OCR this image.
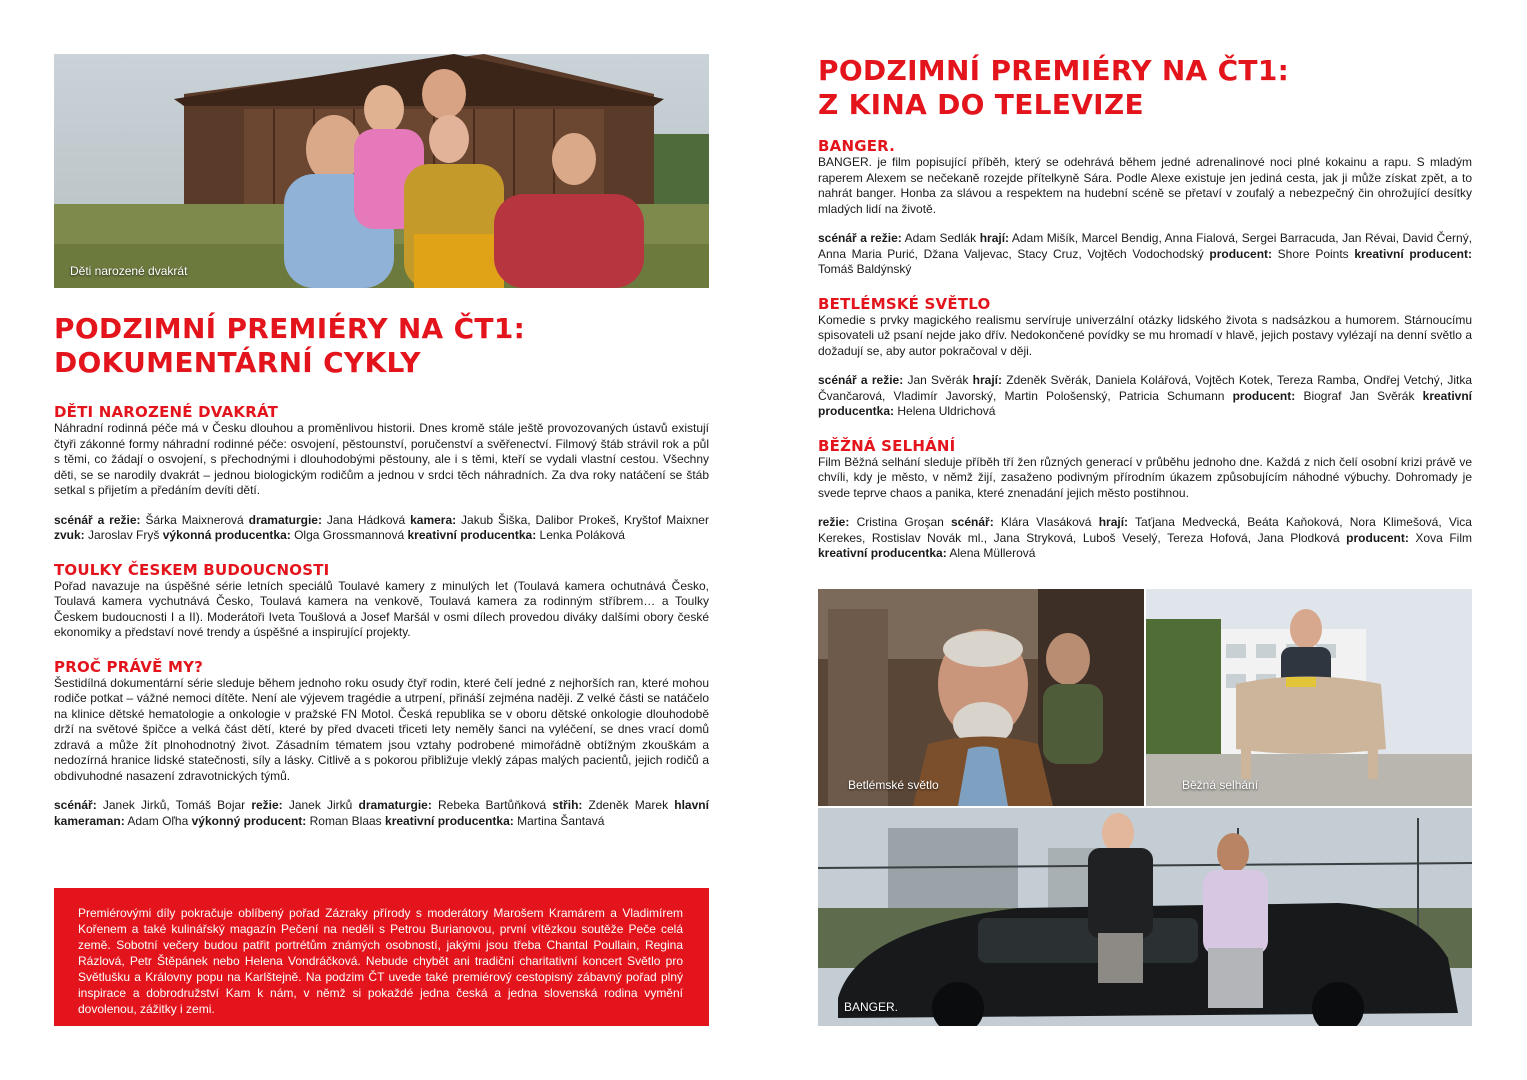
Děti narozené dvakrát
PODZIMNÍ PREMIÉRY NA ČT1:
DOKUMENTÁRNÍ CYKLY
DĚTI NAROZENÉ DVAKRÁT

Náhradní rodinná péče má v Česku dlouhou a proměnlivou historii. Dnes kromě stále ještě provozovaných ústavů existují čtyři zákonné formy náhradní rodinné péče: osvojení, pěstounství, poručenství a svěřenectví. Filmový štáb strávil rok a půl s těmi, co žádají o osvojení, s přechodnými i dlouhodobými pěstouny, ale i s těmi, kteří se vydali vlastní cestou. Všechny děti, se se narodily dvakrát – jednou biologickým rodičům a jednou v srdci těch náhradních. Za dva roky natáčení se štáb setkal s přijetím a předáním devíti dětí.

scénář a režie: Šárka Maixnerová dramaturgie: Jana Hádková kamera: Jakub Šiška, Dalibor Prokeš, Kryštof Maixner zvuk: Jaroslav Fryš výkonná producentka: Olga Grossmannová kreativní producentka: Lenka Poláková

TOULKY ČESKEM BUDOUCNOSTI

Pořad navazuje na úspěšné série letních speciálů Toulavé kamery z minulých let (Toulavá kamera ochutnává Česko, Toulavá kamera vychutnává Česko, Toulavá kamera na venkově, Toulavá kamera za rodinným stříbrem… a Toulky Českem budoucnosti I a II). Moderátoři Iveta Toušlová a Josef Maršál v osmi dílech provedou diváky dalšími obory české ekonomiky a představí nové trendy a úspěšné a inspirující projekty.

PROČ PRÁVĚ MY?

Šestidílná dokumentární série sleduje během jednoho roku osudy čtyř rodin, které čelí jedné z nejhorších ran, které mohou rodiče potkat – vážné nemoci dítěte. Není ale výjevem tragédie a utrpení, přináší zejména naději. Z velké části se natáčelo na klinice dětské hematologie a onkologie v pražské FN Motol. Česká republika se v oboru dětské onkologie dlouhodobě drží na světové špičce a velká část dětí, které by před dvaceti třiceti lety neměly šanci na vyléčení, se dnes vrací domů zdravá a může žít plnohodnotný život. Zásadním tématem jsou vztahy podrobené mimořádně obtížným zkouškám a nedozírná hranice lidské statečnosti, síly a lásky. Citlivě a s pokorou přibližuje vleklý zápas malých pacientů, jejich rodičů a obdivuhodné nasazení zdravotnických týmů.

scénář: Janek Jirků, Tomáš Bojar režie: Janek Jirků dramaturgie: Rebeka Bartůňková střih: Zdeněk Marek hlavní kameraman: Adam Oľha výkonný producent: Roman Blaas kreativní producentka: Martina Šantavá

Premiérovými díly pokračuje oblíbený pořad Zázraky přírody s moderátory Marošem Kramárem a Vladimírem Kořenem a také kulinářský magazín Pečení na neděli s Petrou Burianovou, první vítězkou soutěže Peče celá země. Sobotní večery budou patřit portrétům známých osobností, jakými jsou třeba Chantal Poullain, Regina Rázlová, Petr Štěpánek nebo Helena Vondráčková. Nebude chybět ani tradiční charitativní koncert Světlo pro Světlušku a Královny popu na Karlštejně. Na podzim ČT uvede také premiérový cestopisný zábavný pořad plný inspirace a dobrodružství Kam k nám, v němž si pokaždé jedna česká a jedna slovenská rodina vymění dovolenou, zážitky i zemi.

PODZIMNÍ PREMIÉRY NA ČT1:
Z KINA DO TELEVIZE
BANGER.

BANGER. je film popisující příběh, který se odehrává během jedné adrenalinové noci plné kokainu a rapu. S mladým raperem Alexem se nečekaně rozejde přítelkyně Sára. Podle Alexe existuje jen jediná cesta, jak ji může získat zpět, a to nahrát banger. Honba za slávou a respektem na hudební scéně se přetaví v zoufalý a nebezpečný čin ohrožující desítky mladých lidí na životě.

scénář a režie: Adam Sedlák hrají: Adam Mišík, Marcel Bendig, Anna Fialová, Sergei Barracuda, Jan Révai, David Černý, Anna Maria Purić, Džana Valjevac, Stacy Cruz, Vojtěch Vodochodský producent: Shore Points kreativní producent: Tomáš Baldýnský

BETLÉMSKÉ SVĚTLO

Komedie s prvky magického realismu servíruje univerzální otázky lidského života s nadsázkou a humorem. Stárnoucímu spisovateli už psaní nejde jako dřív. Nedokončené povídky se mu hromadí v hlavě, jejich postavy vylézají na denní světlo a dožadují se, aby autor pokračoval v ději.

scénář a režie: Jan Svěrák hrají: Zdeněk Svěrák, Daniela Kolářová, Vojtěch Kotek, Tereza Ramba, Ondřej Vetchý, Jitka Čvančarová, Vladimír Javorský, Martin Pološenský, Patricia Schumann producent: Biograf Jan Svěrák kreativní producentka: Helena Uldrichová

BĚŽNÁ SELHÁNÍ

Film Běžná selhání sleduje příběh tří žen různých generací v průběhu jednoho dne. Každá z nich čelí osobní krizi právě ve chvíli, kdy je město, v němž žijí, zasaženo podivným přírodním úkazem způsobujícím náhodné výbuchy. Dohromady je svede teprve chaos a panika, které znenadání jejich město postihnou.

režie: Cristina Groşan scénář: Klára Vlasáková hrají: Taťjana Medvecká, Beáta Kaňoková, Nora Klimešová, Vica Kerekes, Rostislav Novák ml., Jana Stryková, Luboš Veselý, Tereza Hofová, Jana Plodková producent: Xova Film kreativní producentka: Alena Müllerová

Betlémské světlo	Běžná selhání
BANGER.
